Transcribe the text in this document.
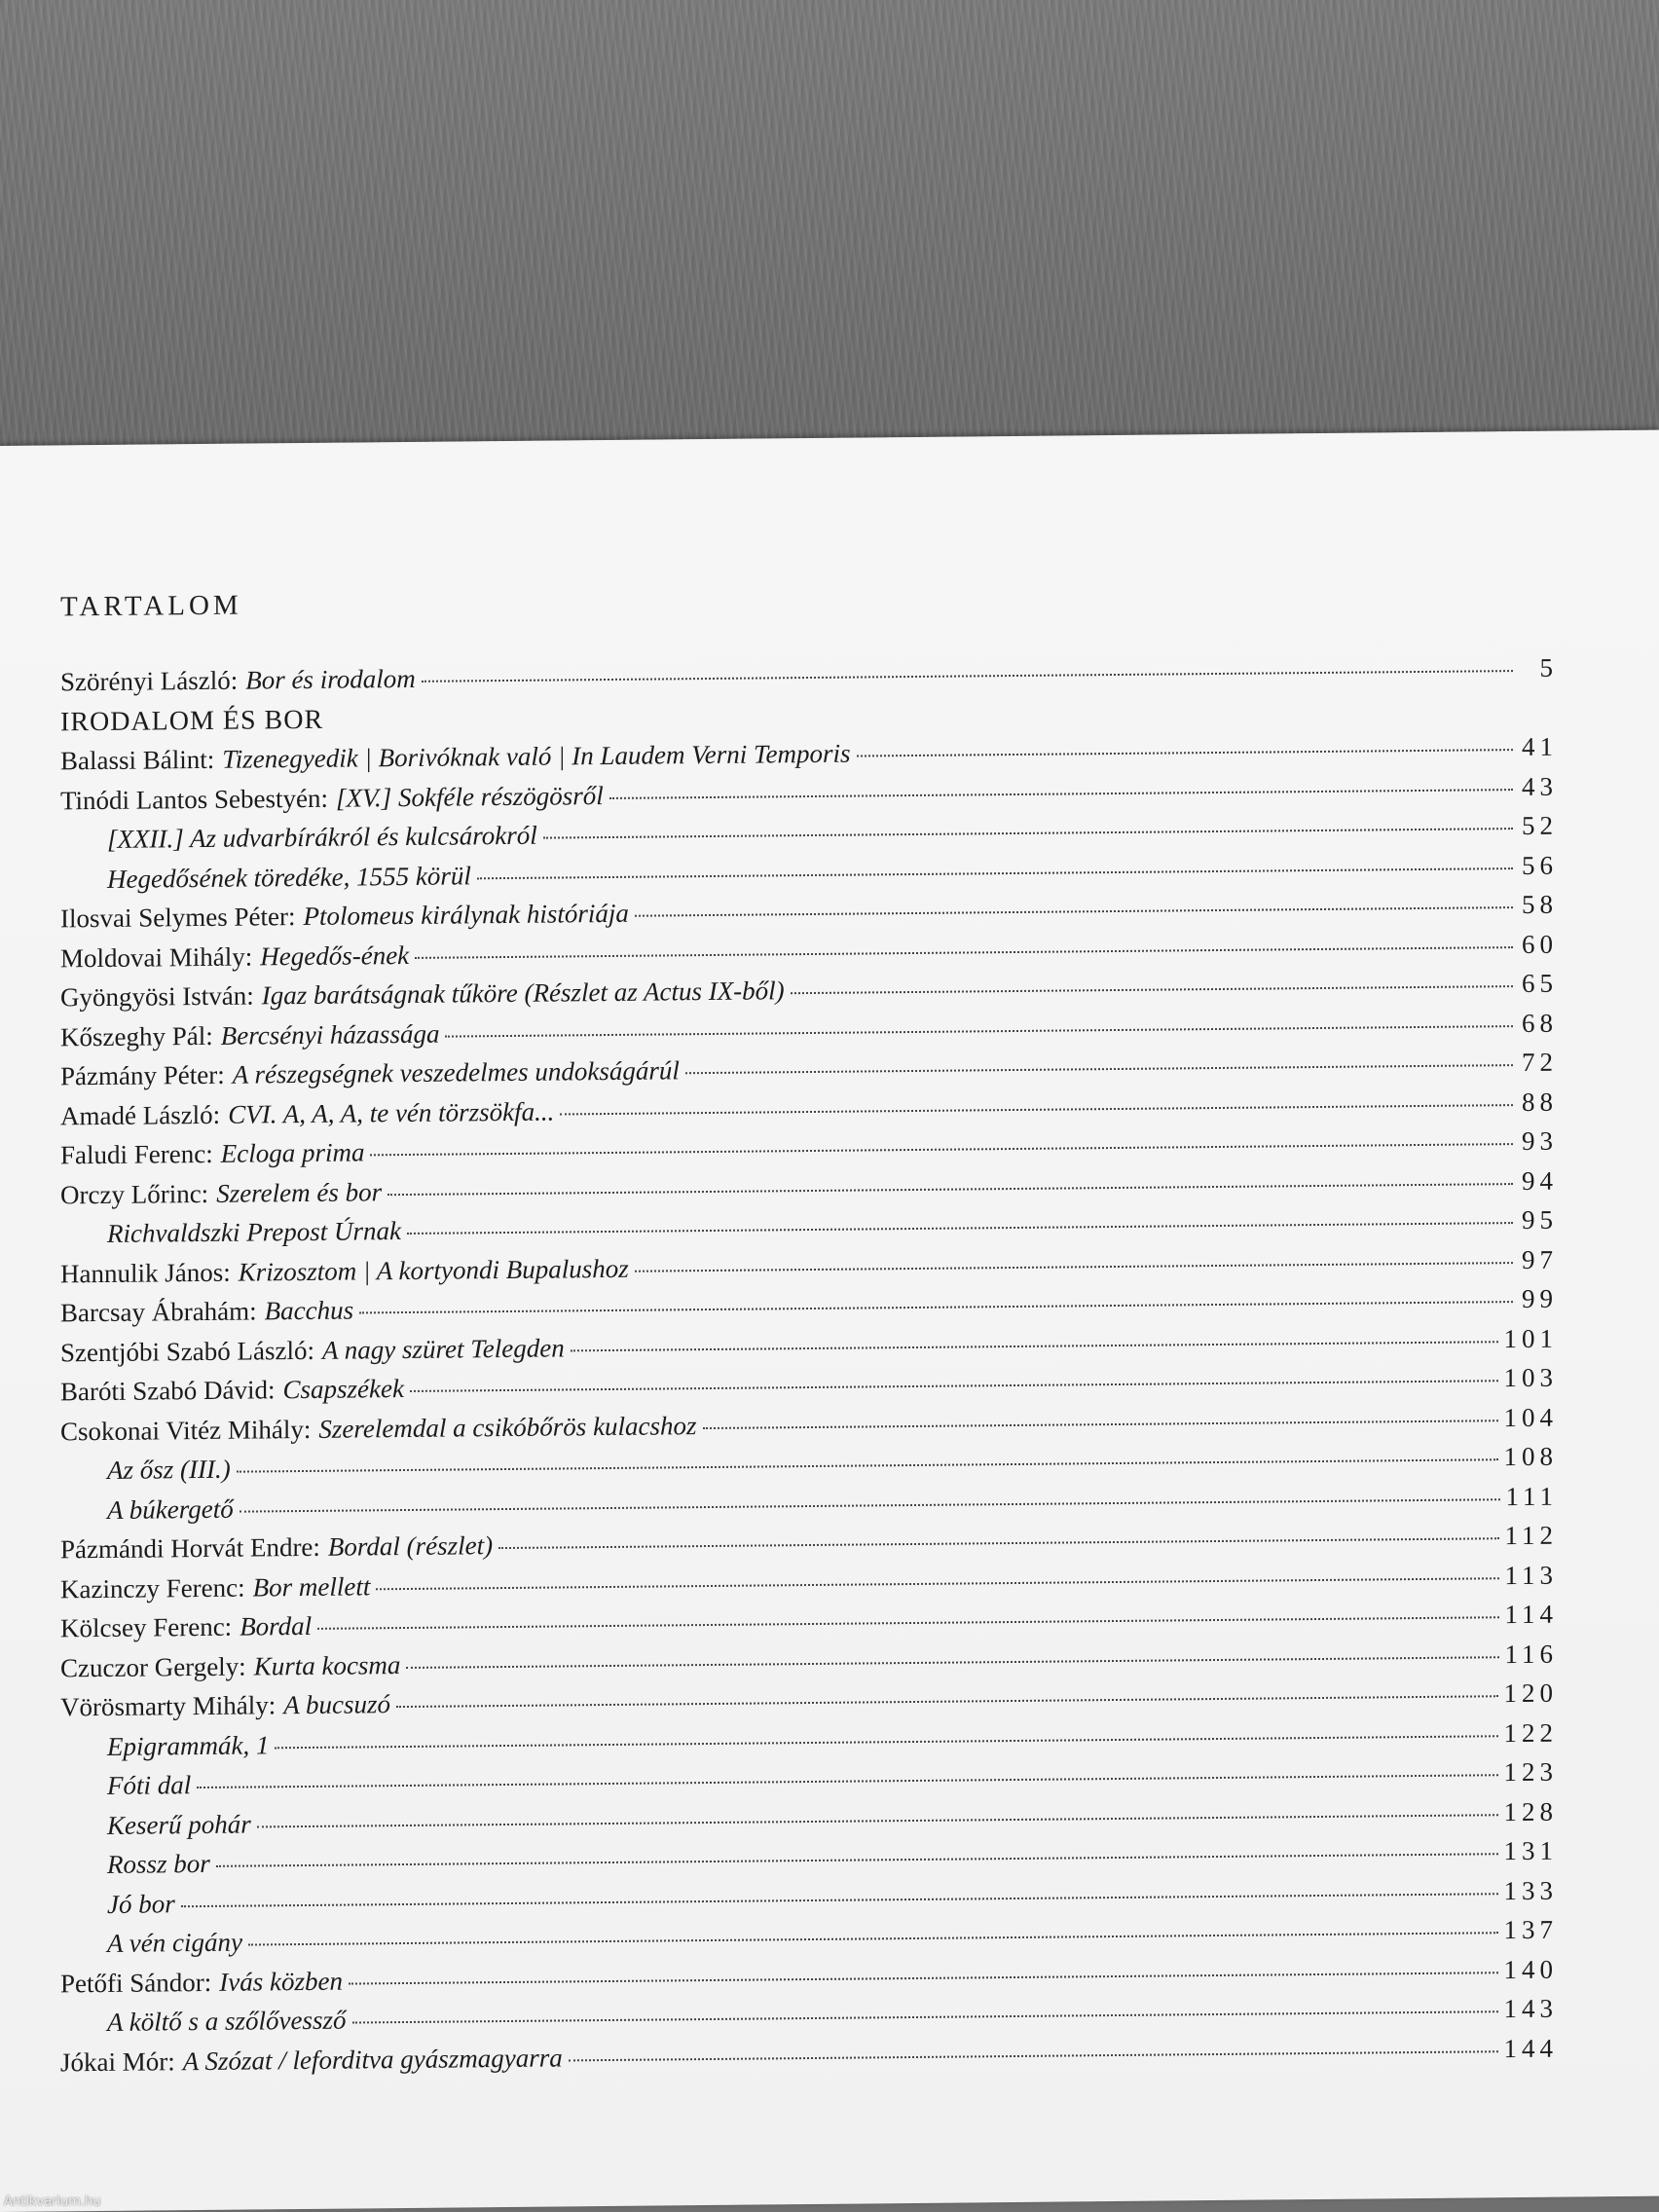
TARTALOM
Szörényi László: Bor és irodalom	5
IRODALOM ÉS BOR
Balassi Bálint: Tizenegyedik | Borivóknak való | In Laudem Verni Temporis	41
Tinódi Lantos Sebestyén: [XV.] Sokféle részögösről	43
[XXII.] Az udvarbírákról és kulcsárokról	52
Hegedősének töredéke, 1555 körül	56
Ilosvai Selymes Péter: Ptolomeus királynak históriája	58
Moldovai Mihály: Hegedős-ének	60
Gyöngyösi István: Igaz barátságnak tűköre (Részlet az Actus IX-ből)	65
Kőszeghy Pál: Bercsényi házassága	68
Pázmány Péter: A részegségnek veszedelmes undokságárúl	72
Amadé László: CVI. A, A, A, te vén törzsökfa...	88
Faludi Ferenc: Ecloga prima	93
Orczy Lőrinc: Szerelem és bor	94
Richvaldszki Prepost Úrnak	95
Hannulik János: Krizosztom | A kortyondi Bupalushoz	97
Barcsay Ábrahám: Bacchus	99
Szentjóbi Szabó László: A nagy szüret Telegden	101
Baróti Szabó Dávid: Csapszékek	103
Csokonai Vitéz Mihály: Szerelemdal a csikóbőrös kulacshoz	104
Az ősz (III.)	108
A búkergető	111
Pázmándi Horvát Endre: Bordal (részlet)	112
Kazinczy Ferenc: Bor mellett	113
Kölcsey Ferenc: Bordal	114
Czuczor Gergely: Kurta kocsma	116
Vörösmarty Mihály: A bucsuzó	120
Epigrammák, 1	122
Fóti dal	123
Keserű pohár	128
Rossz bor	131
Jó bor	133
A vén cigány	137
Petőfi Sándor: Ivás közben	140
A költő s a szőlővessző	143
Jókai Mór: A Szózat / leforditva gyászmagyarra	144
Antikvarium.hu
